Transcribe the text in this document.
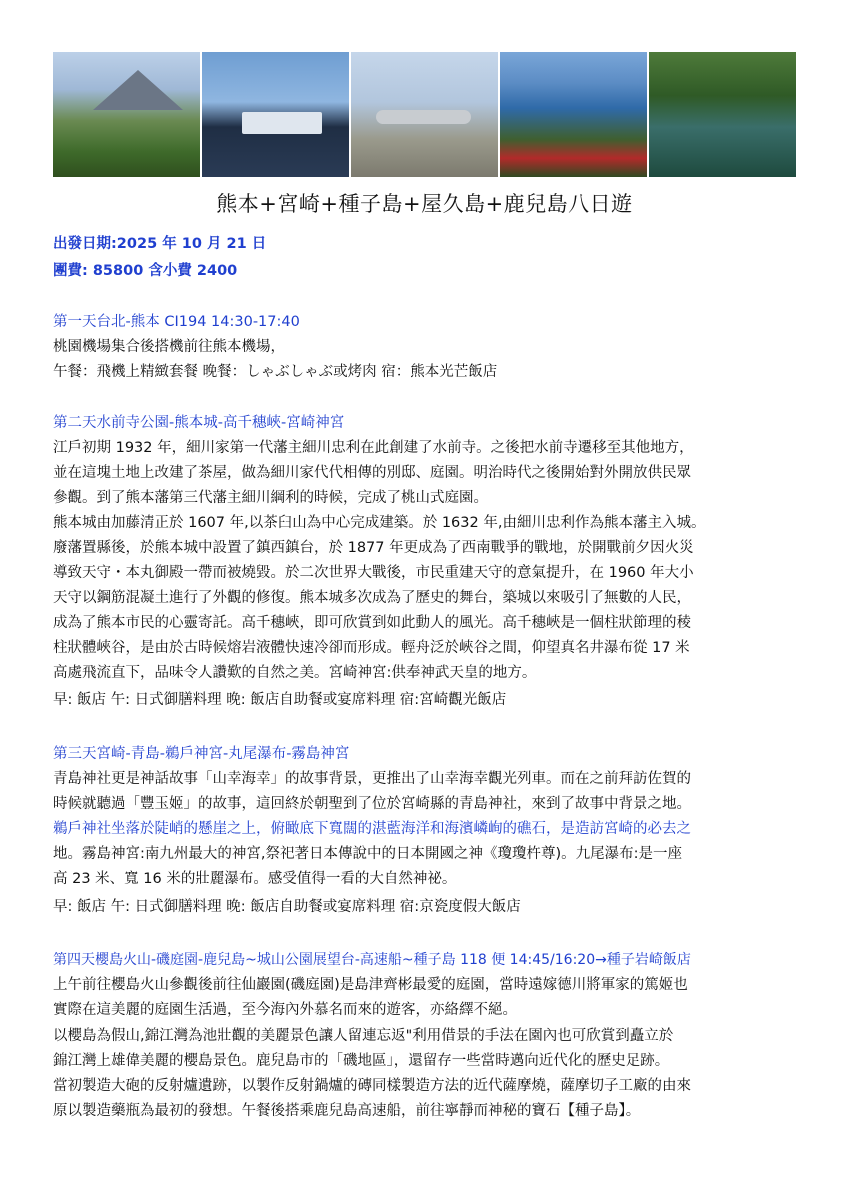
熊本+宮崎+種子島+屋久島+鹿兒島八日遊
出發日期:2025 年 10 月 21 日
團費: 85800 含小費 2400
第一天台北-熊本 CI194 14:30-17:40
桃園機場集合後搭機前往熊本機場，
午餐：飛機上精緻套餐 晚餐：しゃぶしゃぶ或烤肉 宿：熊本光芒飯店
第二天水前寺公園-熊本城-高千穗峽-宮崎神宮
江戶初期 1932 年，細川家第一代藩主細川忠利在此創建了水前寺。之後把水前寺遷移至其他地方，
並在這塊土地上改建了茶屋，做為細川家代代相傳的別邸、庭園。明治時代之後開始對外開放供民眾
參觀。到了熊本藩第三代藩主細川綱利的時候，完成了桃山式庭園。
熊本城由加藤清正於 1607 年,以茶臼山為中心完成建築。於 1632 年,由細川忠利作為熊本藩主入城。
廢藩置縣後，於熊本城中設置了鎮西鎮台，於 1877 年更成為了西南戰爭的戰地，於開戰前夕因火災
導致天守・本丸御殿一帶而被燒毀。於二次世界大戰後，市民重建天守的意氣提升，在 1960 年大小
天守以鋼筋混凝土進行了外觀的修復。熊本城多次成為了歷史的舞台，築城以來吸引了無數的人民，
成為了熊本市民的心靈寄託。高千穗峽，即可欣賞到如此動人的風光。高千穗峽是一個柱狀節理的稜
柱狀體峽谷，是由於古時候熔岩液體快速冷卻而形成。輕舟泛於峽谷之間，仰望真名井瀑布從 17 米
高處飛流直下，品味令人讚歎的自然之美。宮崎神宮:供奉神武天皇的地方。
早: 飯店 午: 日式御膳料理 晚: 飯店自助餐或宴席料理 宿:宮崎觀光飯店
第三天宮崎-青島-鵜戶神宮-丸尾瀑布-霧島神宮
青島神社更是神話故事「山幸海幸」的故事背景，更推出了山幸海幸觀光列車。而在之前拜訪佐賀的
時候就聽過「豐玉姬」的故事，這回終於朝聖到了位於宮崎縣的青島神社，來到了故事中背景之地。
鵜戶神社坐落於陡峭的懸崖之上，俯瞰底下寬闊的湛藍海洋和海濱嶙峋的礁石，是造訪宮崎的必去之
地。霧島神宮:南九州最大的神宮,祭祀著日本傳說中的日本開國之神《瓊瓊杵尊)。九尾瀑布:是一座
高 23 米、寬 16 米的壯麗瀑布。感受值得一看的大自然神祕。
早: 飯店 午: 日式御膳料理 晚: 飯店自助餐或宴席料理 宿:京瓷度假大飯店
第四天櫻島火山-磯庭園-鹿兒島~城山公園展望台-高速船~種子島 118 便 14:45/16:20→種子岩崎飯店
上午前往櫻島火山參觀後前往仙巖園(磯庭園)是島津齊彬最愛的庭園，當時遠嫁德川將軍家的篤姬也
實際在這美麗的庭園生活過，至今海內外慕名而來的遊客，亦絡繹不絕。
以櫻島為假山,錦江灣為池壯觀的美麗景色讓人留連忘返"利用借景的手法在園內也可欣賞到矗立於
錦江灣上雄偉美麗的櫻島景色。鹿兒島市的「磯地區」，還留存一些當時邁向近代化的歷史足跡。
當初製造大砲的反射爐遺跡，以製作反射鍋爐的磚同樣製造方法的近代薩摩燒，薩摩切子工廠的由來
原以製造藥瓶為最初的發想。午餐後搭乘鹿兒島高速船，前往寧靜而神秘的寶石【種子島】。
